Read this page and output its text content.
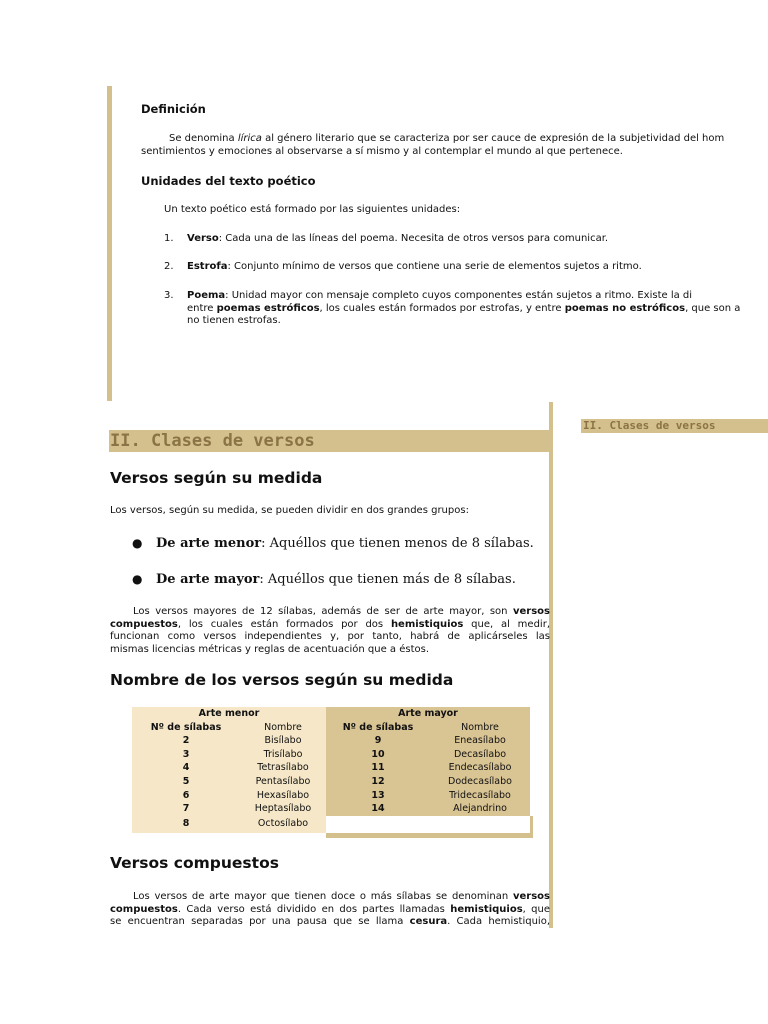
Definición
Se denomina lírica al género literario que se caracteriza por ser cauce de expresión de la subjetividad del hom
sentimientos y emociones al observarse a sí mismo y al contemplar el mundo al que pertenece.
Unidades del texto poético
Un texto poético está formado por las siguientes unidades:
1. Verso: Cada una de las líneas del poema. Necesita de otros versos para comunicar.
2. Estrofa: Conjunto mínimo de versos que contiene una serie de elementos sujetos a ritmo.
3. Poema: Unidad mayor con mensaje completo cuyos componentes están sujetos a ritmo. Existe la di
entre poemas estróficos, los cuales están formados por estrofas, y entre poemas no estróficos, que son a
no tienen estrofas.
II. Clases de versos
II. Clases de versos
Versos según su medida
Los versos, según su medida, se pueden dividir en dos grandes grupos:
● De arte menor: Aquéllos que tienen menos de 8 sílabas.
● De arte mayor: Aquéllos que tienen más de 8 sílabas.
Los versos mayores de 12 sílabas, además de ser de arte mayor, son versos
compuestos, los cuales están formados por dos hemistiquios que, al medir,
funcionan como versos independientes y, por tanto, habrá de aplicárseles las
mismas licencias métricas y reglas de acentuación que a éstos.
Nombre de los versos según su medida
Arte menor		Arte mayor	
Nº de sílabas	Nombre	Nº de sílabas	Nombre
2	Bisílabo	9	Eneasílabo
3	Trisílabo	10	Decasílabo
4	Tetrasílabo	11	Endecasílabo
5	Pentasílabo	12	Dodecasílabo
6	Hexasílabo	13	Tridecasílabo
7	Heptasílabo	14	Alejandrino
8	Octosílabo		
Versos compuestos
Los versos de arte mayor que tienen doce o más sílabas se denominan versos
compuestos. Cada verso está dividido en dos partes llamadas hemistiquios, que
se encuentran separadas por una pausa que se llama cesura. Cada hemistiquio,
